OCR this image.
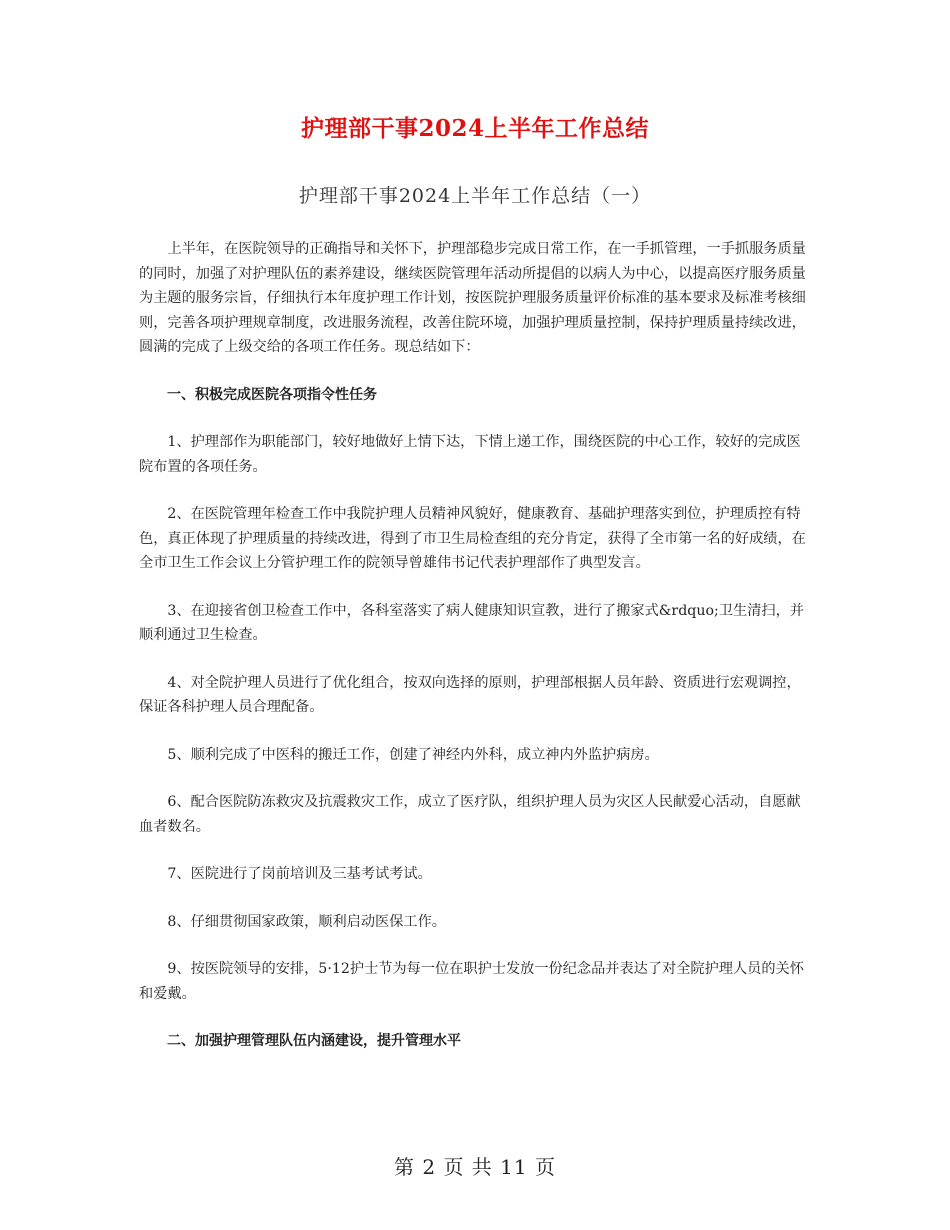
护理部干事2024上半年工作总结
护理部干事2024上半年工作总结（一）

上半年，在医院领导的正确指导和关怀下，护理部稳步完成日常工作，在一手抓管理，一手抓服务质量的同时，加强了对护理队伍的素养建设，继续医院管理年活动所提倡的以病人为中心，以提高医疗服务质量为主题的服务宗旨，仔细执行本年度护理工作计划，按医院护理服务质量评价标准的基本要求及标准考核细则，完善各项护理规章制度，改进服务流程，改善住院环境，加强护理质量控制，保持护理质量持续改进，圆满的完成了上级交给的各项工作任务。现总结如下：

一、积极完成医院各项指令性任务

1、护理部作为职能部门，较好地做好上情下达，下情上递工作，围绕医院的中心工作，较好的完成医院布置的各项任务。

2、在医院管理年检查工作中我院护理人员精神风貌好，健康教育、基础护理落实到位，护理质控有特色，真正体现了护理质量的持续改进，得到了市卫生局检查组的充分肯定，获得了全市第一名的好成绩，在全市卫生工作会议上分管护理工作的院领导曾雄伟书记代表护理部作了典型发言。

3、在迎接省创卫检查工作中，各科室落实了病人健康知识宣教，进行了搬家式&rdquo;卫生清扫，并顺利通过卫生检查。

4、对全院护理人员进行了优化组合，按双向选择的原则，护理部根据人员年龄、资质进行宏观调控，保证各科护理人员合理配备。

5、顺利完成了中医科的搬迁工作，创建了神经内外科，成立神内外监护病房。

6、配合医院防冻救灾及抗震救灾工作，成立了医疗队，组织护理人员为灾区人民献爱心活动，自愿献血者数名。

7、医院进行了岗前培训及三基考试考试。

8、仔细贯彻国家政策，顺利启动医保工作。

9、按医院领导的安排，5·12护士节为每一位在职护士发放一份纪念品并表达了对全院护理人员的关怀和爱戴。

二、加强护理管理队伍内涵建设，提升管理水平

第 2 页 共 11 页
